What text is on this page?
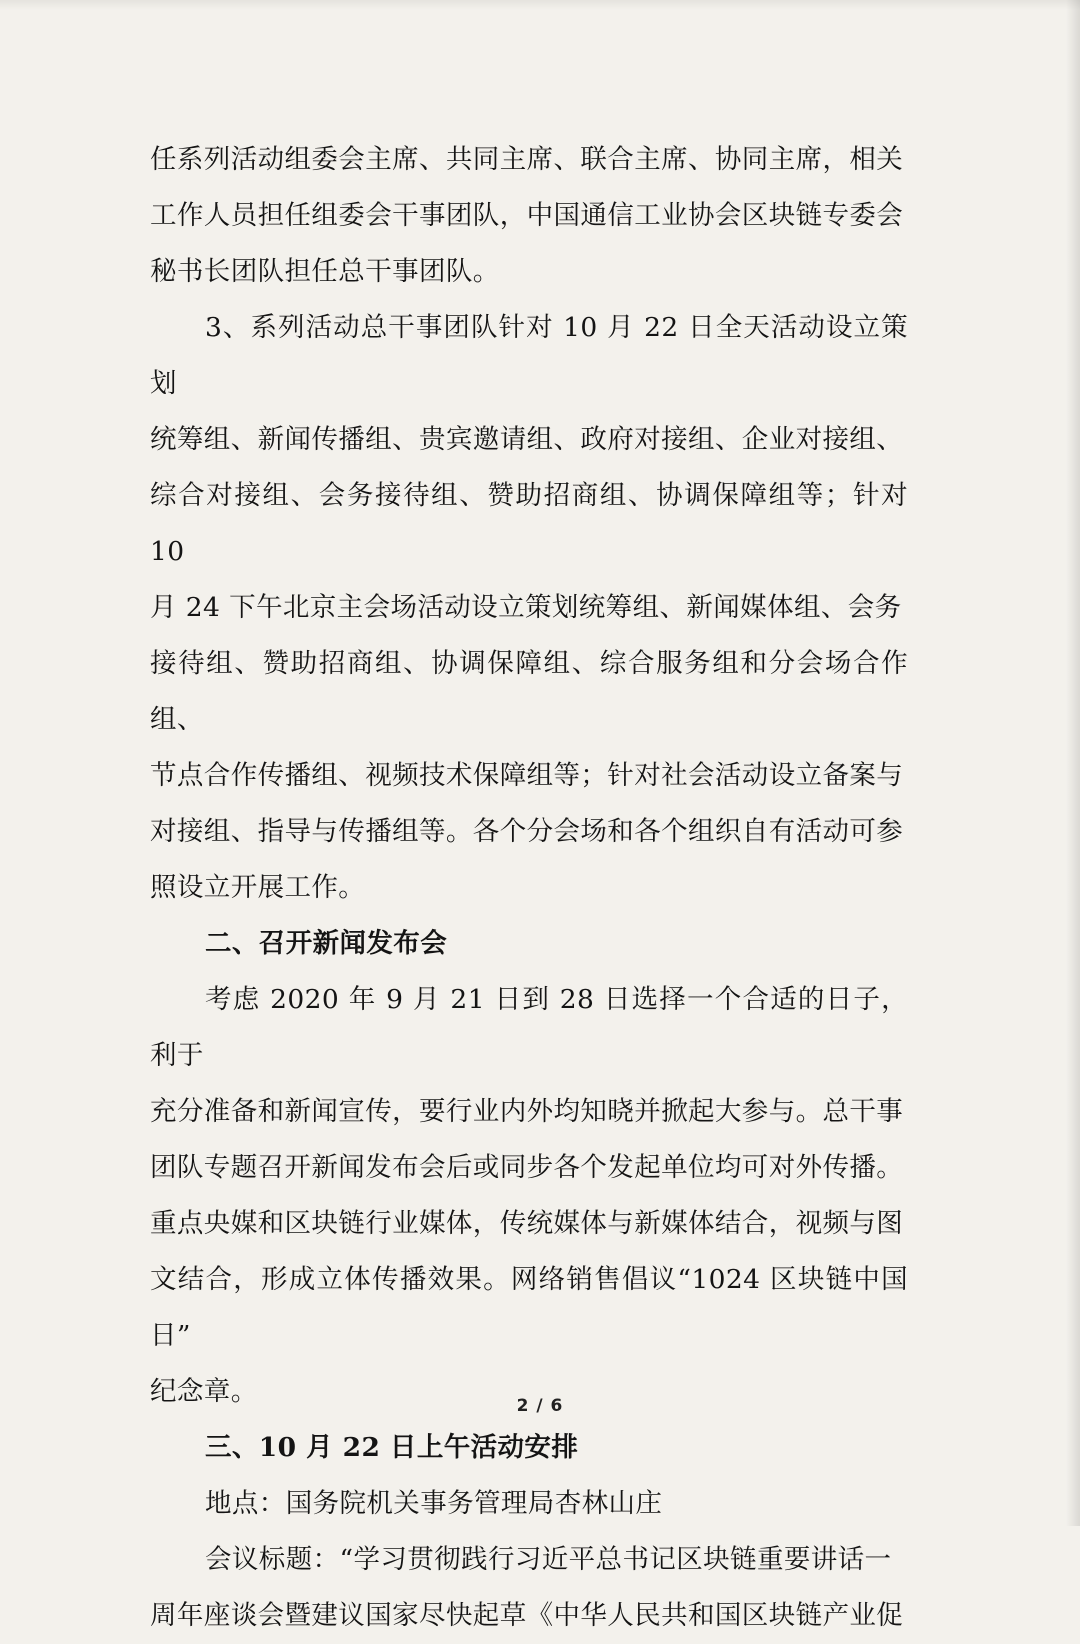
任系列活动组委会主席、共同主席、联合主席、协同主席，相关
工作人员担任组委会干事团队，中国通信工业协会区块链专委会
秘书长团队担任总干事团队。

3、系列活动总干事团队针对 10 月 22 日全天活动设立策划
统筹组、新闻传播组、贵宾邀请组、政府对接组、企业对接组、
综合对接组、会务接待组、赞助招商组、协调保障组等；针对 10
月 24 下午北京主会场活动设立策划统筹组、新闻媒体组、会务
接待组、赞助招商组、协调保障组、综合服务组和分会场合作组、
节点合作传播组、视频技术保障组等；针对社会活动设立备案与
对接组、指导与传播组等。各个分会场和各个组织自有活动可参
照设立开展工作。

二、召开新闻发布会

考虑 2020 年 9 月 21 日到 28 日选择一个合适的日子，利于
充分准备和新闻宣传，要行业内外均知晓并掀起大参与。总干事
团队专题召开新闻发布会后或同步各个发起单位均可对外传播。
重点央媒和区块链行业媒体，传统媒体与新媒体结合，视频与图
文结合，形成立体传播效果。网络销售倡议“1024 区块链中国日”
纪念章。

三、10 月 22 日上午活动安排

地点：国务院机关事务管理局杏林山庄

会议标题：“学习贯彻践行习近平总书记区块链重要讲话一
周年座谈会暨建议国家尽快起草《中华人民共和国区块链产业促

2 / 6
